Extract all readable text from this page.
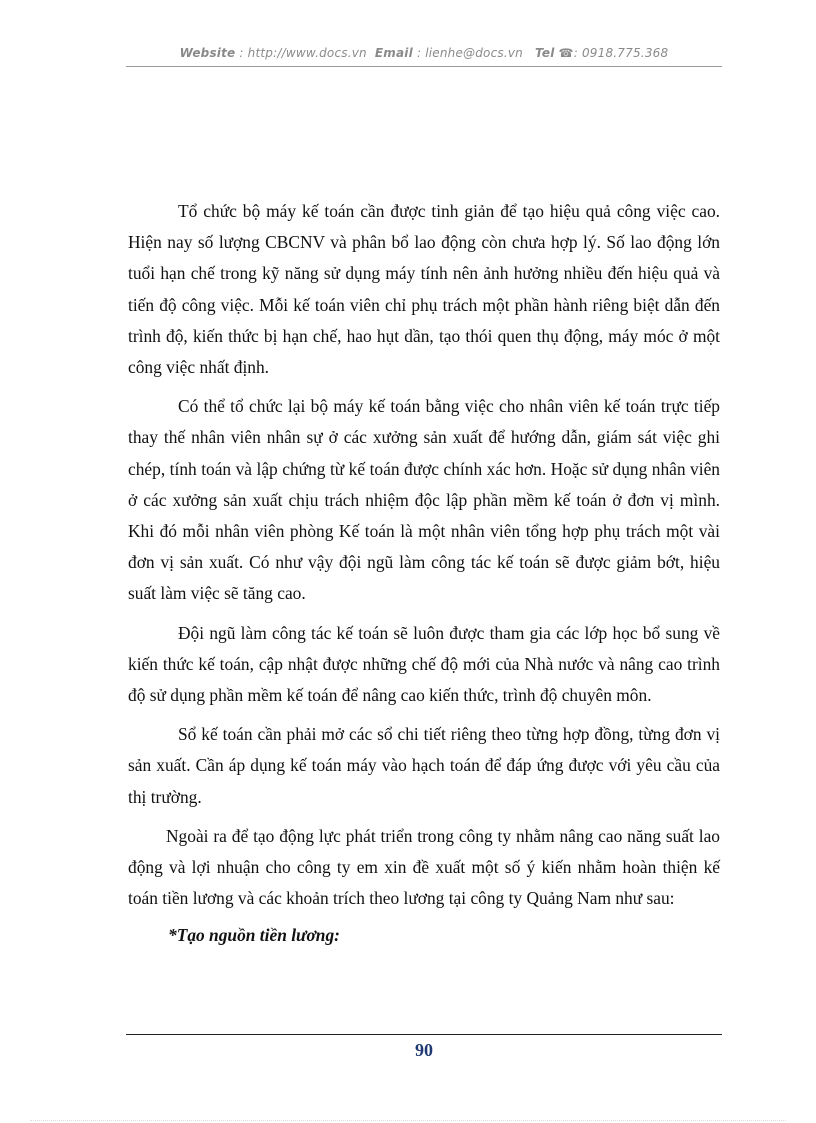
Website : http://www.docs.vn Email : lienhe@docs.vn Tel ☎: 0918.775.368

Tổ chức bộ máy kế toán cần được tinh giản để tạo hiệu quả công việc cao. Hiện nay số lượng CBCNV và phân bổ lao động còn chưa hợp lý. Số lao động lớn tuổi hạn chế trong kỹ năng sử dụng máy tính nên ảnh hưởng nhiều đến hiệu quả và tiến độ công việc. Mỗi kế toán viên chỉ phụ trách một phần hành riêng biệt dẫn đến trình độ, kiến thức bị hạn chế, hao hụt dần, tạo thói quen thụ động, máy móc ở một công việc nhất định.

Có thể tổ chức lại bộ máy kế toán bằng việc cho nhân viên kế toán trực tiếp thay thế nhân viên nhân sự ở các xưởng sản xuất để hướng dẫn, giám sát việc ghi chép, tính toán và lập chứng từ kế toán được chính xác hơn. Hoặc sử dụng nhân viên ở các xưởng sản xuất chịu trách nhiệm độc lập phần mềm kế toán ở đơn vị mình. Khi đó mỗi nhân viên phòng Kế toán là một nhân viên tổng hợp phụ trách một vài đơn vị sản xuất. Có như vậy đội ngũ làm công tác kế toán sẽ được giảm bớt, hiệu suất làm việc sẽ tăng cao.

Đội ngũ làm công tác kế toán sẽ luôn được tham gia các lớp học bổ sung về kiến thức kế toán, cập nhật được những chế độ mới của Nhà nước và nâng cao trình độ sử dụng phần mềm kế toán để nâng cao kiến thức, trình độ chuyên môn.

Sổ kế toán cần phải mở các sổ chi tiết riêng theo từng hợp đồng, từng đơn vị sản xuất. Cần áp dụng kế toán máy vào hạch toán để đáp ứng được với yêu cầu của thị trường.

Ngoài ra để tạo động lực phát triển trong công ty nhằm nâng cao năng suất lao động và lợi nhuận cho công ty em xin đề xuất một số ý kiến nhằm hoàn thiện kế toán tiền lương và các khoản trích theo lương tại công ty Quảng Nam như sau:

*Tạo nguồn tiền lương:

90
